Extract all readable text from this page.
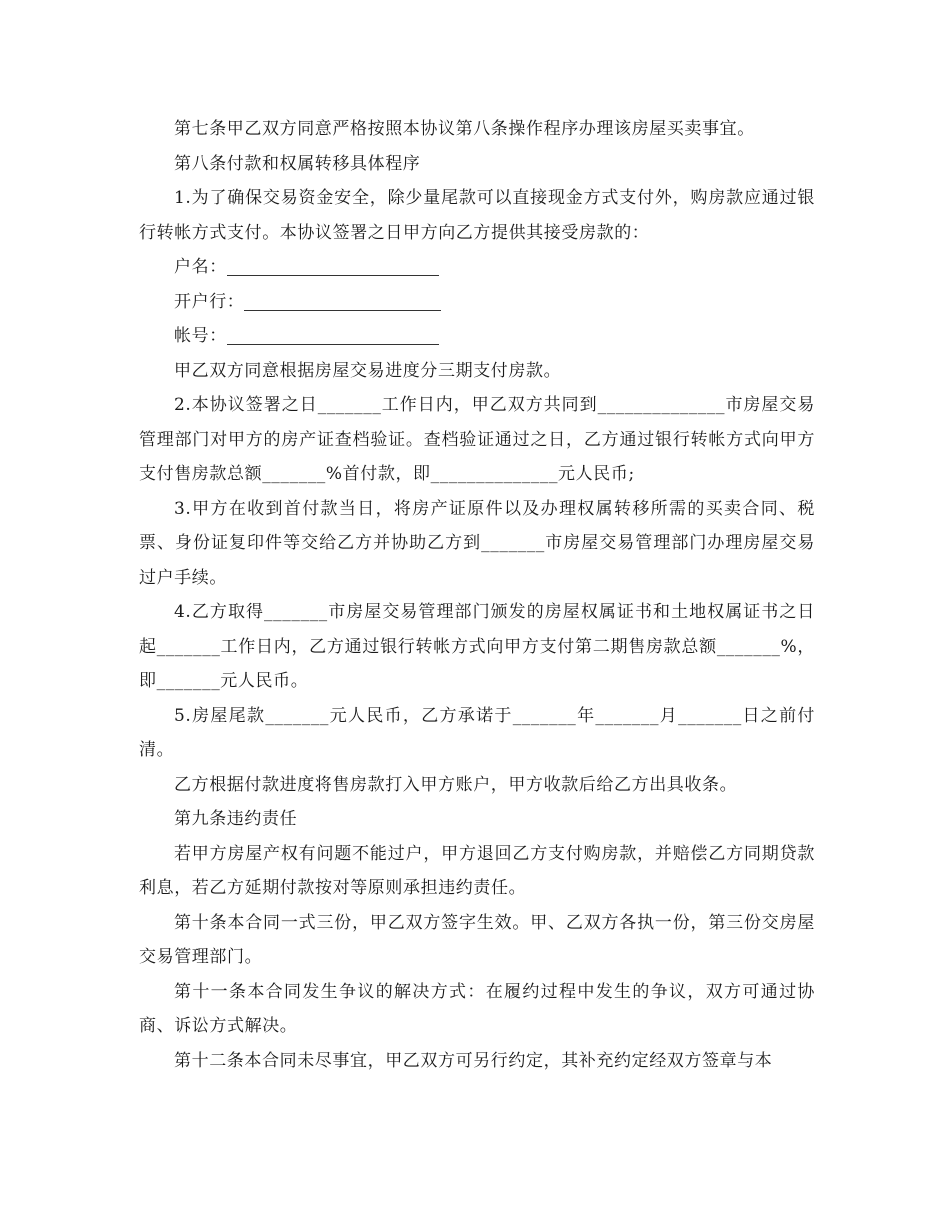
第七条甲乙双方同意严格按照本协议第八条操作程序办理该房屋买卖事宜。

第八条付款和权属转移具体程序

1.为了确保交易资金安全，除少量尾款可以直接现金方式支付外，购房款应通过银行转帐方式支付。本协议签署之日甲方向乙方提供其接受房款的：

户名：

开户行：

帐号：

甲乙双方同意根据房屋交易进度分三期支付房款。

2.本协议签署之日_______工作日内，甲乙双方共同到______________市房屋交易管理部门对甲方的房产证查档验证。查档验证通过之日，乙方通过银行转帐方式向甲方支付售房款总额_______%首付款，即______________元人民币;

3.甲方在收到首付款当日，将房产证原件以及办理权属转移所需的买卖合同、税票、身份证复印件等交给乙方并协助乙方到_______市房屋交易管理部门办理房屋交易过户手续。

4.乙方取得_______市房屋交易管理部门颁发的房屋权属证书和土地权属证书之日起_______工作日内，乙方通过银行转帐方式向甲方支付第二期售房款总额_______%，即_______元人民币。

5.房屋尾款_______元人民币，乙方承诺于_______年_______月_______日之前付清。

乙方根据付款进度将售房款打入甲方账户，甲方收款后给乙方出具收条。

第九条违约责任

若甲方房屋产权有问题不能过户，甲方退回乙方支付购房款，并赔偿乙方同期贷款利息，若乙方延期付款按对等原则承担违约责任。

第十条本合同一式三份，甲乙双方签字生效。甲、乙双方各执一份，第三份交房屋交易管理部门。

第十一条本合同发生争议的解决方式：在履约过程中发生的争议，双方可通过协商、诉讼方式解决。

第十二条本合同未尽事宜，甲乙双方可另行约定，其补充约定经双方签章与本
